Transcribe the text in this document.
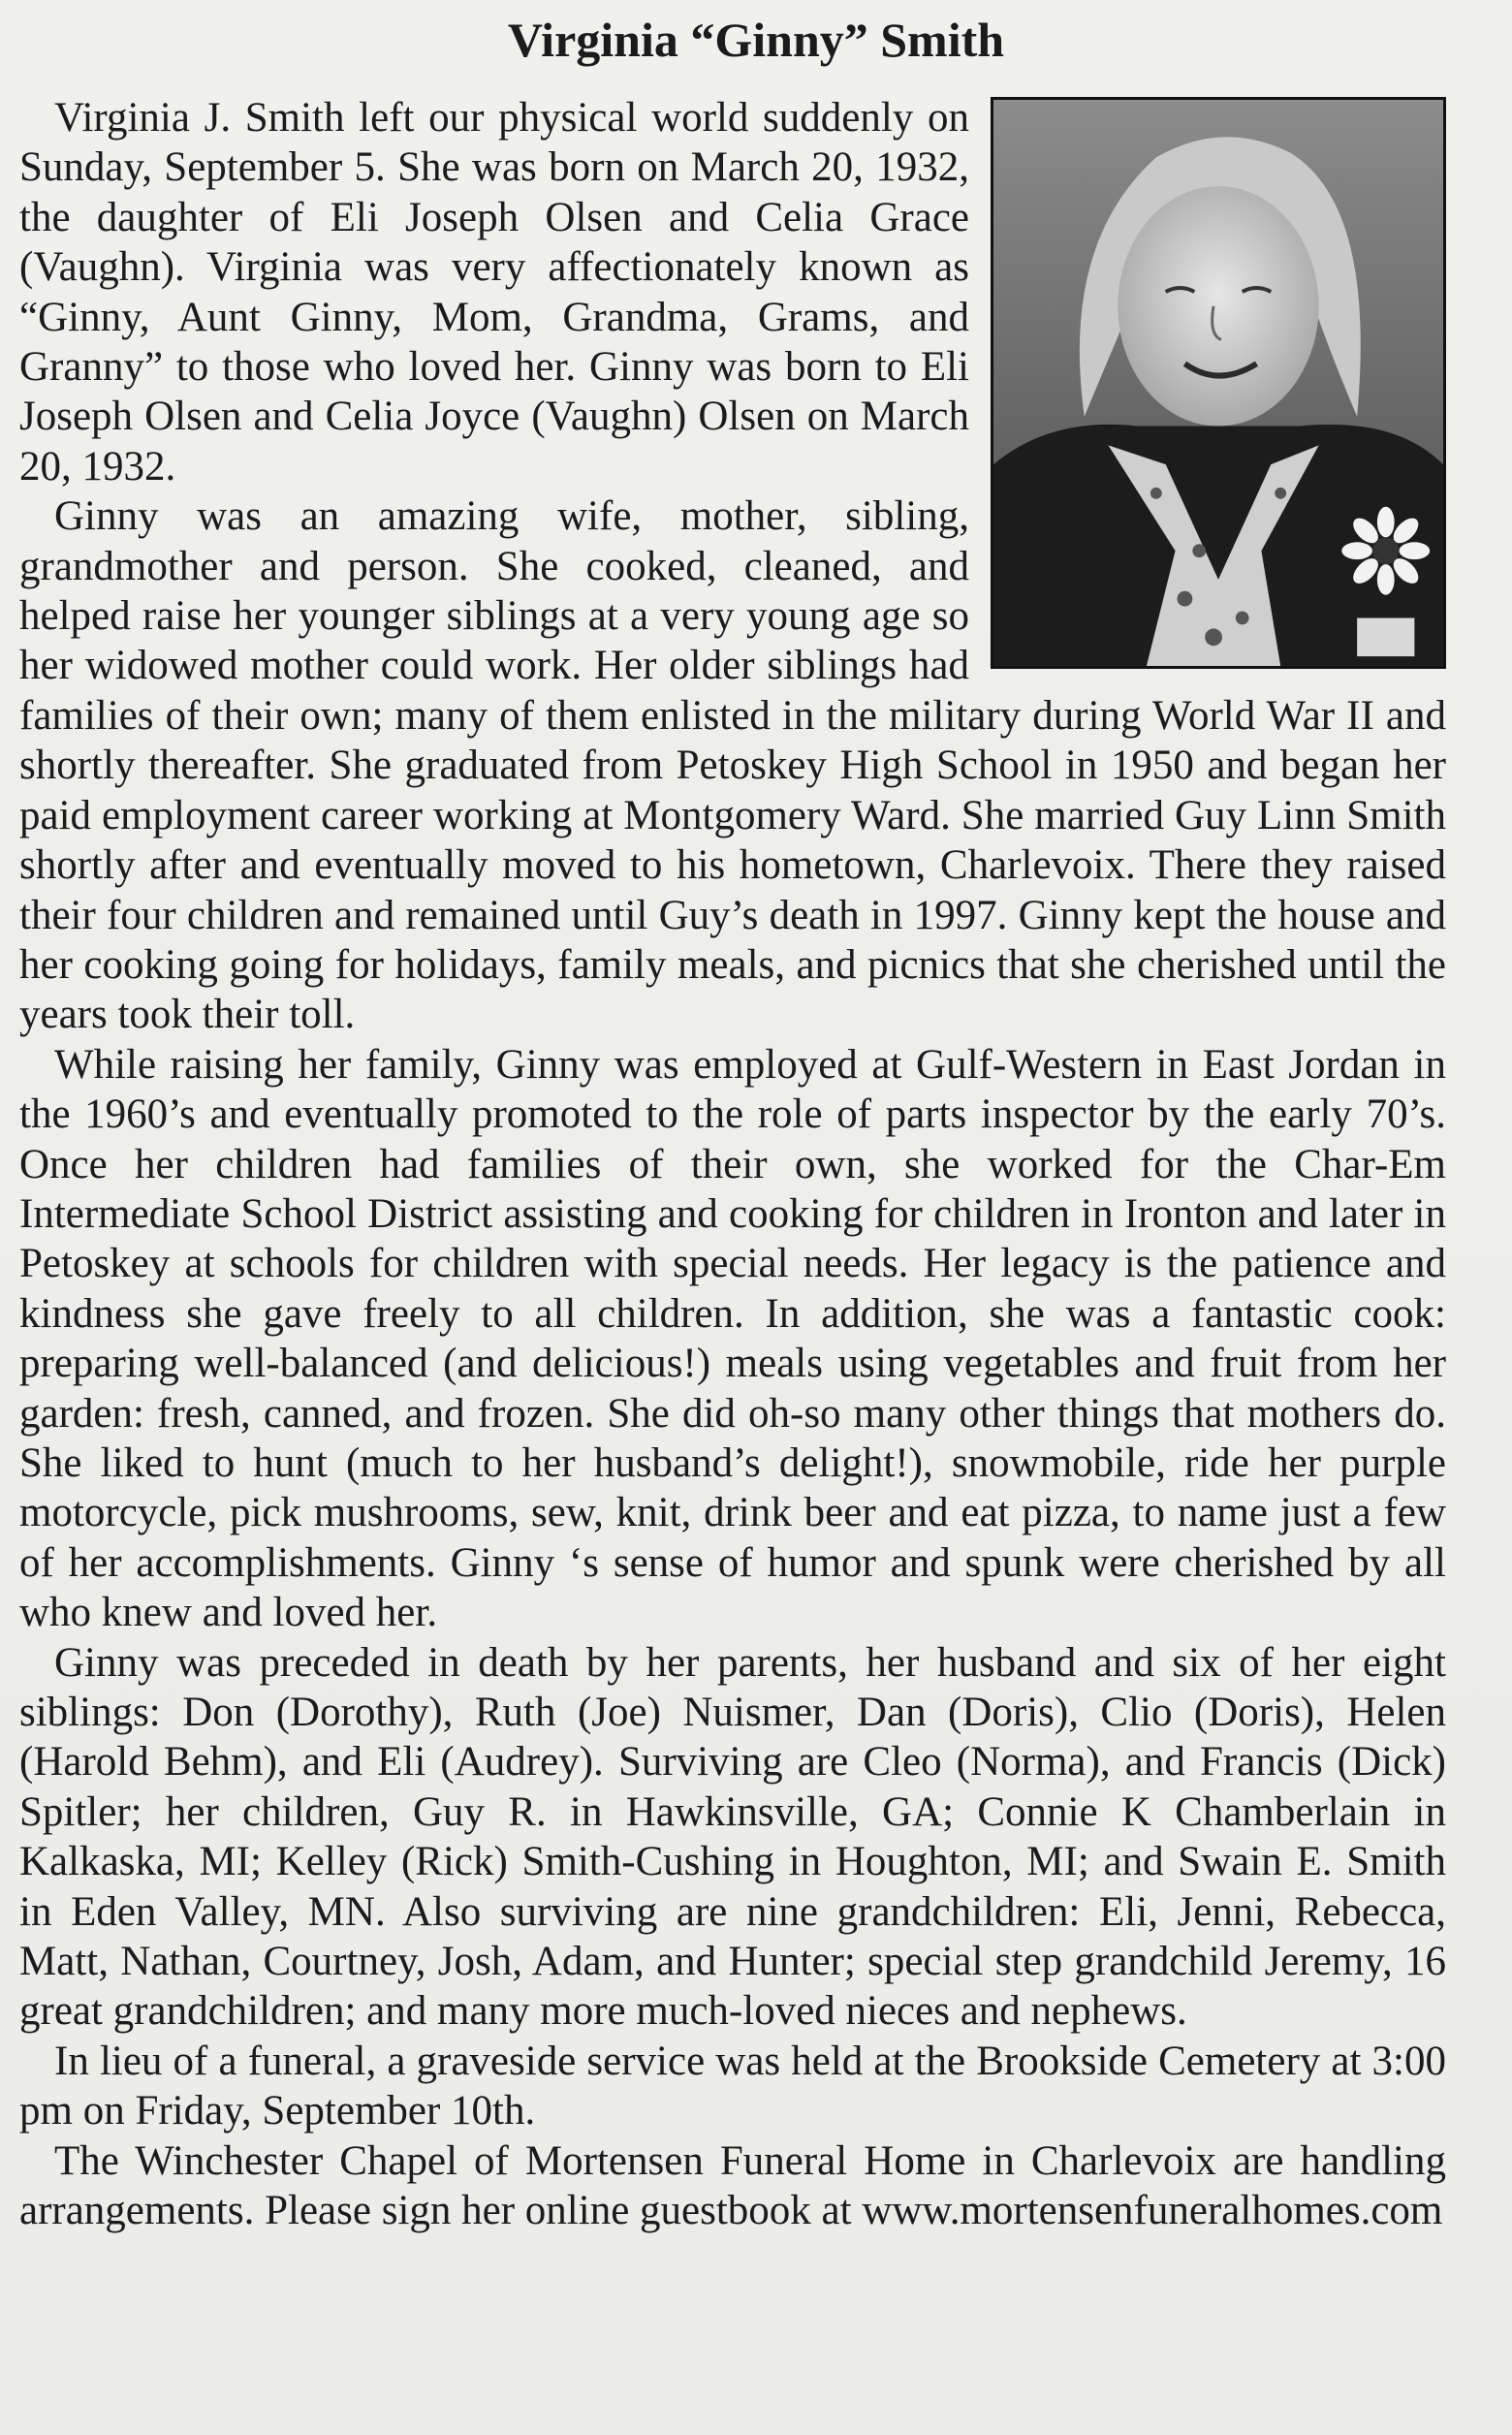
Virginia “Ginny” Smith

Virginia J. Smith left our physical world suddenly on Sunday, September 5. She was born on March 20, 1932, the daughter of Eli Joseph Olsen and Celia Grace (Vaughn). Virginia was very affectionately known as “Ginny, Aunt Ginny, Mom, Grandma, Grams, and Granny” to those who loved her. Ginny was born to Eli Joseph Olsen and Celia Joyce (Vaughn) Olsen on March 20, 1932.

Ginny was an amazing wife, mother, sibling, grandmother and person. She cooked, cleaned, and helped raise her younger siblings at a very young age so her widowed mother could work. Her older siblings had families of their own; many of them enlisted in the military during World War II and shortly thereafter. She graduated from Petoskey High School in 1950 and began her paid employment career working at Montgomery Ward. She married Guy Linn Smith shortly after and eventually moved to his hometown, Charlevoix. There they raised their four children and remained until Guy’s death in 1997. Ginny kept the house and her cooking going for holidays, family meals, and picnics that she cherished until the years took their toll.

While raising her family, Ginny was employed at Gulf-Western in East Jordan in the 1960’s and eventually promoted to the role of parts inspector by the early 70’s. Once her children had families of their own, she worked for the Char-Em Intermediate School District assisting and cooking for children in Ironton and later in Petoskey at schools for children with special needs. Her legacy is the patience and kindness she gave freely to all children. In addition, she was a fantastic cook: preparing well-balanced (and delicious!) meals using vegetables and fruit from her garden: fresh, canned, and frozen. She did oh-so many other things that mothers do. She liked to hunt (much to her husband’s delight!), snowmobile, ride her purple motorcycle, pick mushrooms, sew, knit, drink beer and eat pizza, to name just a few of her accomplishments. Ginny ‘s sense of humor and spunk were cherished by all who knew and loved her.

Ginny was preceded in death by her parents, her husband and six of her eight siblings: Don (Dorothy), Ruth (Joe) Nuismer, Dan (Doris), Clio (Doris), Helen (Harold Behm), and Eli (Audrey). Surviving are Cleo (Norma), and Francis (Dick) Spitler; her children, Guy R. in Hawkinsville, GA; Connie K Chamberlain in Kalkaska, MI; Kelley (Rick) Smith-Cushing in Houghton, MI; and Swain E. Smith in Eden Valley, MN. Also surviving are nine grandchildren: Eli, Jenni, Rebecca, Matt, Nathan, Courtney, Josh, Adam, and Hunter; special step grandchild Jeremy, 16 great grandchildren; and many more much-loved nieces and nephews.

In lieu of a funeral, a graveside service was held at the Brookside Cemetery at 3:00 pm on Friday, September 10th.

The Winchester Chapel of Mortensen Funeral Home in Charlevoix are handling arrangements. Please sign her online guestbook at www.mortensenfuneralhomes.com
